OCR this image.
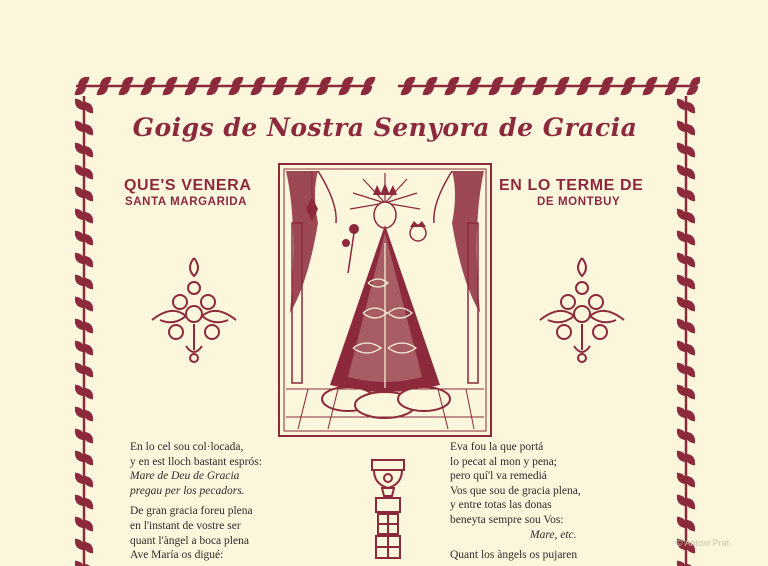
Goigs de Nostra Senyora de Gracia
QUE'S VENERA
SANTA MARGARIDA
EN LO TERME DE
DE MONTBUY
En lo cel sou col·locada,
y en est lloch bastant esprós:
Mare de Deu de Gracia
pregau per los pecadors.
De gran gracia foreu plena
en l'instant de vostre ser
quant l'àngel a boca plena
Ave María os digué:
Eva fou la que portá
lo pecat al mon y pena;
pero quí'l va remediá
Vos que sou de gracia plena,
y entre totas las donas
beneyta sempre sou Vos:
Mare, etc.
Quant los àngels os pujaren
© Antoni Prat
